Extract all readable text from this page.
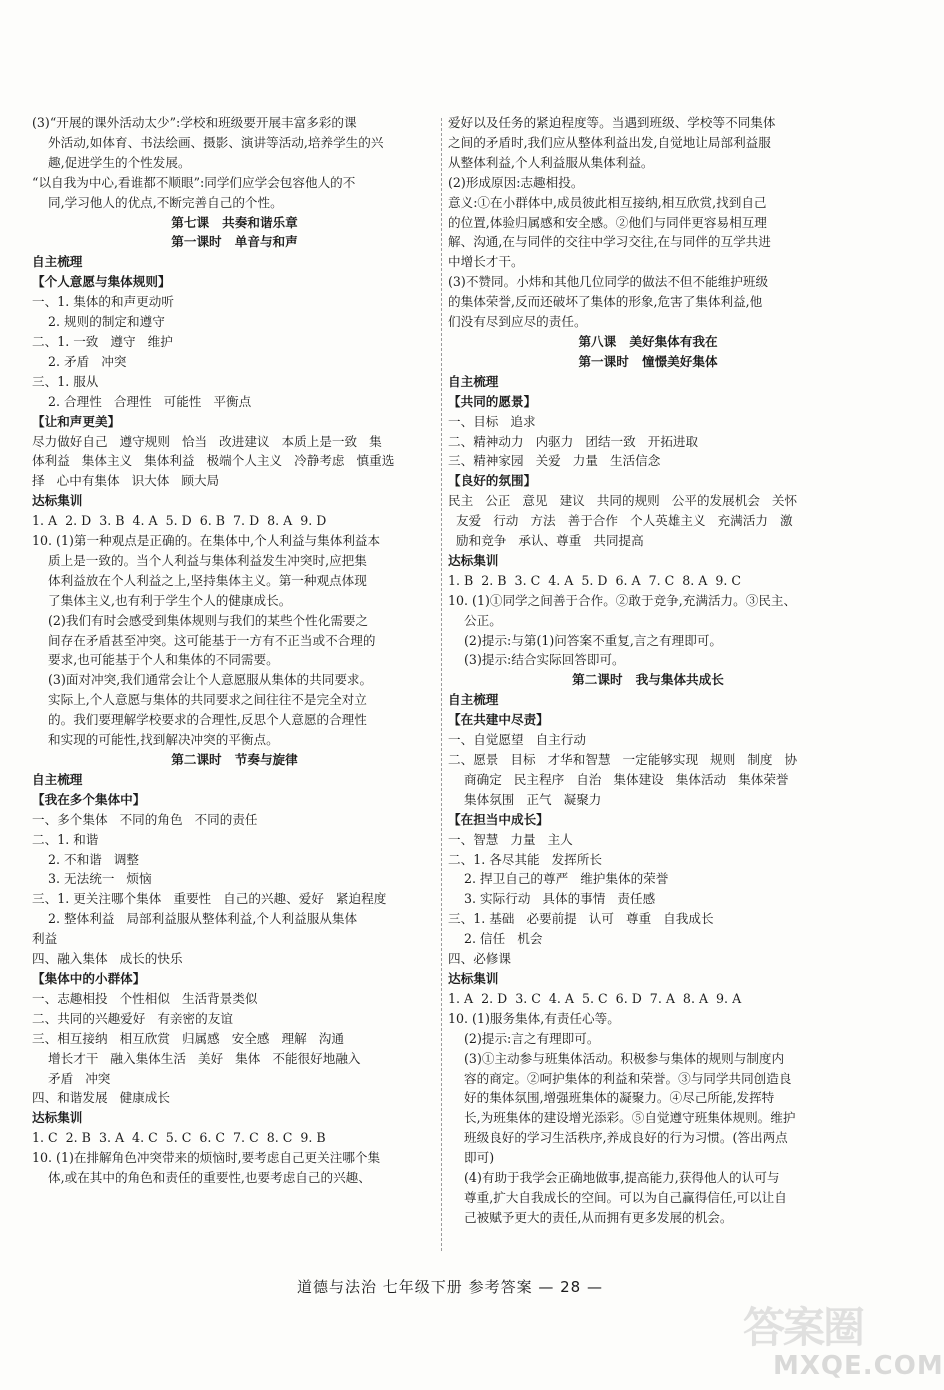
(3)“开展的课外活动太少”:学校和班级要开展丰富多彩的课
外活动,如体育、书法绘画、摄影、演讲等活动,培养学生的兴
趣,促进学生的个性发展。
“以自我为中心,看谁都不顺眼”:同学们应学会包容他人的不
同,学习他人的优点,不断完善自己的个性。
第七课   共奏和谐乐章
第一课时   单音与和声
自主梳理
【个人意愿与集体规则】
一、1. 集体的和声更动听
2. 规则的制定和遵守
二、1. 一致   遵守   维护
2. 矛盾   冲突
三、1. 服从
2. 合理性   合理性   可能性   平衡点
【让和声更美】
尽力做好自己   遵守规则   恰当   改进建议   本质上是一致   集
体利益   集体主义   集体利益   极端个人主义   冷静考虑   慎重选
择   心中有集体   识大体   顾大局
达标集训
1. A  2. D  3. B  4. A  5. D  6. B  7. D  8. A  9. D
10. (1)第一种观点是正确的。在集体中,个人利益与集体利益本
质上是一致的。当个人利益与集体利益发生冲突时,应把集
体利益放在个人利益之上,坚持集体主义。第一种观点体现
了集体主义,也有利于学生个人的健康成长。
(2)我们有时会感受到集体规则与我们的某些个性化需要之
间存在矛盾甚至冲突。这可能基于一方有不正当或不合理的
要求,也可能基于个人和集体的不同需要。
(3)面对冲突,我们通常会让个人意愿服从集体的共同要求。
实际上,个人意愿与集体的共同要求之间往往不是完全对立
的。我们要理解学校要求的合理性,反思个人意愿的合理性
和实现的可能性,找到解决冲突的平衡点。
第二课时   节奏与旋律
自主梳理
【我在多个集体中】
一、多个集体   不同的角色   不同的责任
二、1. 和谐
2. 不和谐   调整
3. 无法统一   烦恼
三、1. 更关注哪个集体   重要性   自己的兴趣、爱好   紧迫程度
2. 整体利益   局部利益服从整体利益,个人利益服从集体
利益
四、融入集体   成长的快乐
【集体中的小群体】
一、志趣相投   个性相似   生活背景类似
二、共同的兴趣爱好   有亲密的友谊
三、相互接纳   相互欣赏   归属感   安全感   理解   沟通
增长才干   融入集体生活   美好   集体   不能很好地融入
矛盾   冲突
四、和谐发展   健康成长
达标集训
1. C  2. B  3. A  4. C  5. C  6. C  7. C  8. C  9. B
10. (1)在排解角色冲突带来的烦恼时,要考虑自己更关注哪个集
体,或在其中的角色和责任的重要性,也要考虑自己的兴趣、
爱好以及任务的紧迫程度等。当遇到班级、学校等不同集体
之间的矛盾时,我们应从整体利益出发,自觉地让局部利益服
从整体利益,个人利益服从集体利益。
(2)形成原因:志趣相投。
意义:①在小群体中,成员彼此相互接纳,相互欣赏,找到自己
的位置,体验归属感和安全感。②他们与同伴更容易相互理
解、沟通,在与同伴的交往中学习交往,在与同伴的互学共进
中增长才干。
(3)不赞同。小炜和其他几位同学的做法不但不能维护班级
的集体荣誉,反而还破坏了集体的形象,危害了集体利益,他
们没有尽到应尽的责任。
第八课   美好集体有我在
第一课时   憧憬美好集体
自主梳理
【共同的愿景】
一、目标   追求
二、精神动力   内驱力   团结一致   开拓进取
三、精神家园   关爱   力量   生活信念
【良好的氛围】
民主   公正   意见   建议   共同的规则   公平的发展机会   关怀
友爱   行动   方法   善于合作   个人英雄主义   充满活力   激
励和竞争   承认、尊重   共同提高
达标集训
1. B  2. B  3. C  4. A  5. D  6. A  7. C  8. A  9. C
10. (1)①同学之间善于合作。②敢于竞争,充满活力。③民主、
公正。
(2)提示:与第(1)问答案不重复,言之有理即可。
(3)提示:结合实际回答即可。
第二课时   我与集体共成长
自主梳理
【在共建中尽责】
一、自觉愿望   自主行动
二、愿景   目标   才华和智慧   一定能够实现   规则   制度   协
商确定   民主程序   自治   集体建设   集体活动   集体荣誉
集体氛围   正气   凝聚力
【在担当中成长】
一、智慧   力量   主人
二、1. 各尽其能   发挥所长
2. 捍卫自己的尊严   维护集体的荣誉
3. 实际行动   具体的事情   责任感
三、1. 基础   必要前提   认可   尊重   自我成长
2. 信任   机会
四、必修课
达标集训
1. A  2. D  3. C  4. A  5. C  6. D  7. A  8. A  9. A
10. (1)服务集体,有责任心等。
(2)提示:言之有理即可。
(3)①主动参与班集体活动。积极参与集体的规则与制度内
容的商定。②呵护集体的利益和荣誉。③与同学共同创造良
好的集体氛围,增强班集体的凝聚力。④尽己所能,发挥特
长,为班集体的建设增光添彩。⑤自觉遵守班集体规则。维护
班级良好的学习生活秩序,养成良好的行为习惯。(答出两点
即可)
(4)有助于我学会正确地做事,提高能力,获得他人的认可与
尊重,扩大自我成长的空间。可以为自己赢得信任,可以让自
己被赋予更大的责任,从而拥有更多发展的机会。
道德与法治 七年级下册 参考答案 — 28 —
答案圈
MXQE.COM
